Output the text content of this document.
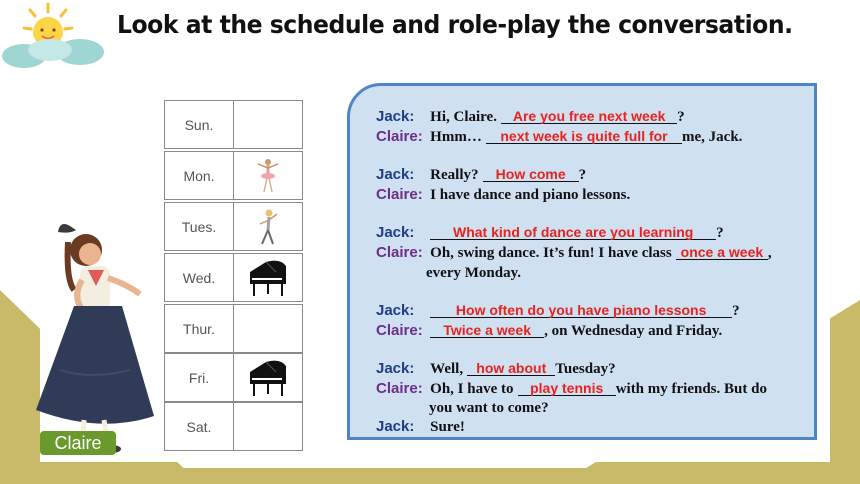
Look at the schedule and role-play the conversation.
Sun.
Mon.
Tues.
Wed.
Thur.
Fri.
Sat.
Claire
Jack: Hi, Claire. Are you free next week ?
Claire: Hmm… next week is quite full for me, Jack.
Jack: Really? How come ?
Claire: I have dance and piano lessons.
Jack:	What kind of dance are you learning ?
Claire: Oh, swing dance. It’s fun! I have class once a week ,
every Monday.
Jack:	How often do you have piano lessons ?
Claire: Twice a week , on Wednesday and Friday.
Jack: Well, how about Tuesday?
Claire: Oh, I have to play tennis with my friends. But do
you want to come?
Jack: Sure!
